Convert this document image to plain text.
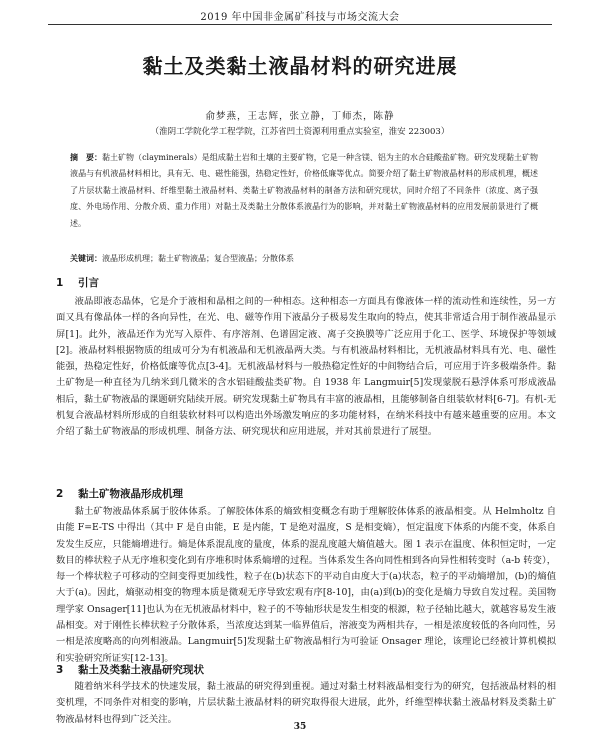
2019 年中国非金属矿科技与市场交流大会
黏土及类黏土液晶材料的研究进展
俞梦燕，王志辉，张立静，丁师杰，陈静
（淮阴工学院化学工程学院，江苏省凹土资源利用重点实验室，淮安 223003）
摘　要：黏土矿物（clayminerals）是组成黏土岩和土壤的主要矿物，它是一种含镁、铝为主的水合硅酸盐矿物。研究发现黏土矿物液晶与有机液晶材料相比，具有无、电、磁性能强，热稳定性好，价格低廉等优点。简要介绍了黏土矿物液晶材料的形成机理，概述了片层状黏土液晶材料、纤维型黏土液晶材料、类黏土矿物液晶材料的制备方法和研究现状，同时介绍了不同条件（浓度、离子强度、外电场作用、分散介质、重力作用）对黏土及类黏土分散体系液晶行为的影响，并对黏土矿物液晶材料的应用发展前景进行了概述。
关键词：液晶形成机理；黏土矿物液晶；复合型液晶；分散体系
1 引言
液晶即液态晶体，它是介于液相和晶相之间的一种相态。这种相态一方面具有像液体一样的流动性和连续性，另一方面又具有像晶体一样的各向异性，在光、电、磁等作用下液晶分子极易发生取向的特点，使其非常适合用于制作液晶显示屏[1]。此外，液晶还作为光写入原件、有序溶剂、色谱固定液、离子交换膜等广泛应用于化工、医学、环境保护等领域[2]。液晶材料根据物质的组成可分为有机液晶和无机液晶两大类。与有机液晶材料相比，无机液晶材料具有光、电、磁性能强，热稳定性好，价格低廉等优点[3-4]。无机液晶材料与一般热稳定性好的中间物结合后，可应用于许多极端条件。黏土矿物是一种直径为几纳米到几微米的含水铝硅酸盐类矿物。自 1938 年 Langmuir[5]发现蒙脱石悬浮体系可形成液晶相后，黏土矿物液晶的课题研究陆续开展。研究发现黏土矿物具有丰富的液晶相，且能够制备自组装软材料[6-7]。有机-无机复合液晶材料所形成的自组装软材料可以构造出外场激发响应的多功能材料，在纳米科技中有越来越重要的应用。本文介绍了黏土矿物液晶的形成机理、制备方法、研究现状和应用进展，并对其前景进行了展望。
2 黏土矿物液晶形成机理
黏土矿物液晶体系属于胶体体系。了解胶体体系的熵致相变概念有助于理解胶体体系的液晶相变。从 Helmholtz 自由能 F=E-TS 中得出（其中 F 是自由能，E 是内能，T 是绝对温度，S 是相变熵），恒定温度下体系的内能不变，体系自发发生反应，只能熵增进行。熵是体系混乱度的量度，体系的混乱度越大熵值越大。图 1 表示在温度、体积恒定时，一定数目的棒状粒子从无序堆积变化到有序堆积时体系熵增的过程。当体系发生各向同性相到各向异性相转变时（a-b 转变），每一个棒状粒子可移动的空间变得更加线性，粒子在(b)状态下的平动自由度大于(a)状态，粒子的平动熵增加，(b)的熵值大于(a)。因此，熵驱动相变的物理本质是微观无序导致宏观有序[8-10]，由(a)到(b)的变化是熵力导致自发过程。美国物理学家 Onsager[11]也认为在无机液晶材料中，粒子的不等轴形状是发生相变的根源，粒子径轴比越大，就越容易发生液晶相变。对于刚性长棒状粒子分散体系，当浓度达到某一临界值后，溶液变为两相共存，一相是浓度较低的各向同性，另一相是浓度略高的向列相液晶。Langmuir[5]发现黏土矿物液晶相行为可验证 Onsager 理论，该理论已经被计算机模拟和实验研究所证实[12-13]。
3 黏土及类黏土液晶研究现状
随着纳米科学技术的快速发展，黏土液晶的研究得到重视。通过对黏土材料液晶相变行为的研究，包括液晶材料的相变机理，不同条件对相变的影响，片层状黏土液晶材料的研究取得很大进展，此外，纤维型棒状黏土液晶材料及类黏土矿物液晶材料也得到广泛关注。
35
